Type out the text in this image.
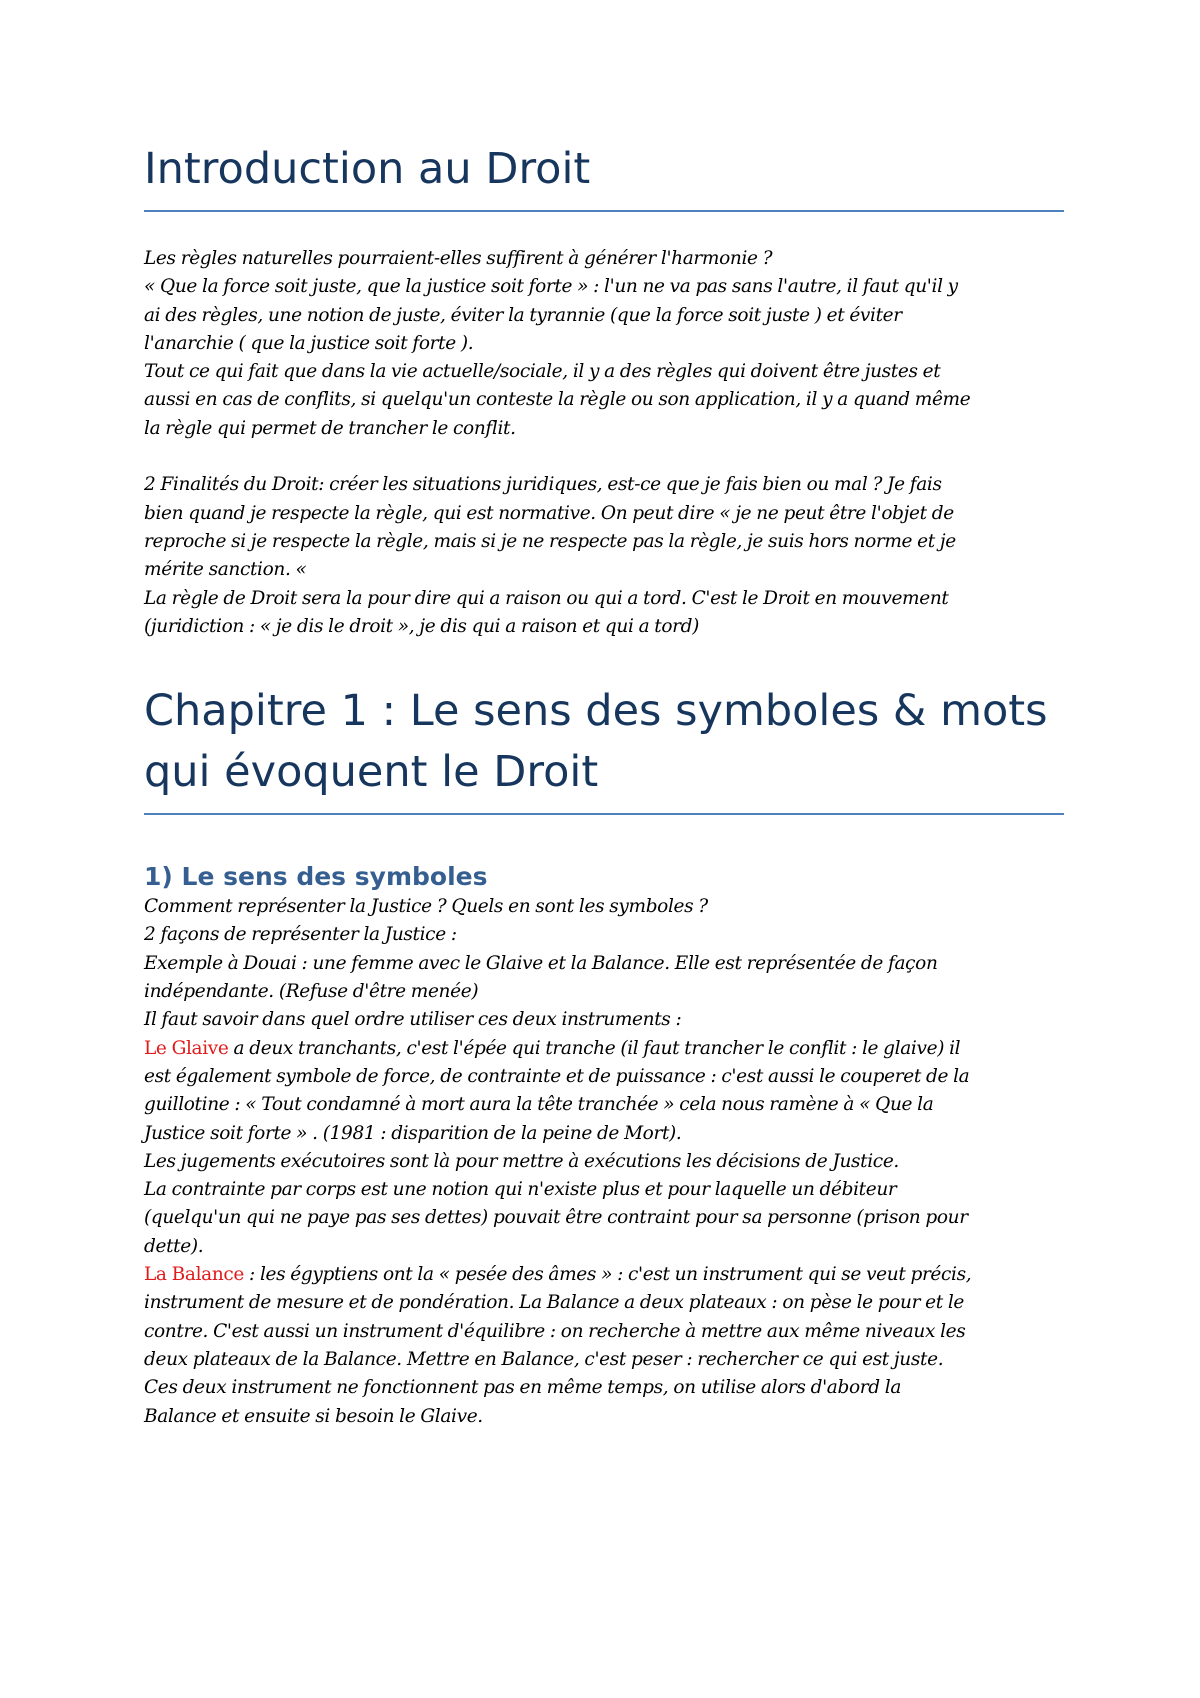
Introduction au Droit

Les règles naturelles pourraient-elles suffirent à générer l'harmonie ?

« Que la force soit juste, que la justice soit forte » : l'un ne va pas sans l'autre, il faut qu'il y

ai des règles, une notion de juste, éviter la tyrannie (que la force soit juste ) et éviter

l'anarchie ( que la justice soit forte ).

Tout ce qui fait que dans la vie actuelle/sociale, il y a des règles qui doivent être justes et

aussi en cas de conflits, si quelqu'un conteste la règle ou son application, il y a quand même

la règle qui permet de trancher le conflit.

2 Finalités du Droit: créer les situations juridiques, est-ce que je fais bien ou mal ? Je fais

bien quand je respecte la règle, qui est normative. On peut dire « je ne peut être l'objet de

reproche si je respecte la règle, mais si je ne respecte pas la règle, je suis hors norme et je

mérite sanction. «

La règle de Droit sera la pour dire qui a raison ou qui a tord. C'est le Droit en mouvement

(juridiction : « je dis le droit », je dis qui a raison et qui a tord)

Chapitre 1 : Le sens des symboles & mots
qui évoquent le Droit
1) Le sens des symboles

Comment représenter la Justice ? Quels en sont les symboles ?

2 façons de représenter la Justice :

Exemple à Douai : une femme avec le Glaive et la Balance. Elle est représentée de façon

indépendante. (Refuse d'être menée)

Il faut savoir dans quel ordre utiliser ces deux instruments :

Le Glaive a deux tranchants, c'est l'épée qui tranche (il faut trancher le conflit : le glaive) il

est également symbole de force, de contrainte et de puissance : c'est aussi le couperet de la

guillotine : « Tout condamné à mort aura la tête tranchée » cela nous ramène à « Que la

Justice soit forte » . (1981 : disparition de la peine de Mort).

Les jugements exécutoires sont là pour mettre à exécutions les décisions de Justice.

La contrainte par corps est une notion qui n'existe plus et pour laquelle un débiteur

(quelqu'un qui ne paye pas ses dettes) pouvait être contraint pour sa personne (prison pour

dette).

La Balance : les égyptiens ont la « pesée des âmes » : c'est un instrument qui se veut précis,

instrument de mesure et de pondération. La Balance a deux plateaux : on pèse le pour et le

contre. C'est aussi un instrument d'équilibre : on recherche à mettre aux même niveaux les

deux plateaux de la Balance. Mettre en Balance, c'est peser : rechercher ce qui est juste.

Ces deux instrument ne fonctionnent pas en même temps, on utilise alors d'abord la

Balance et ensuite si besoin le Glaive.
